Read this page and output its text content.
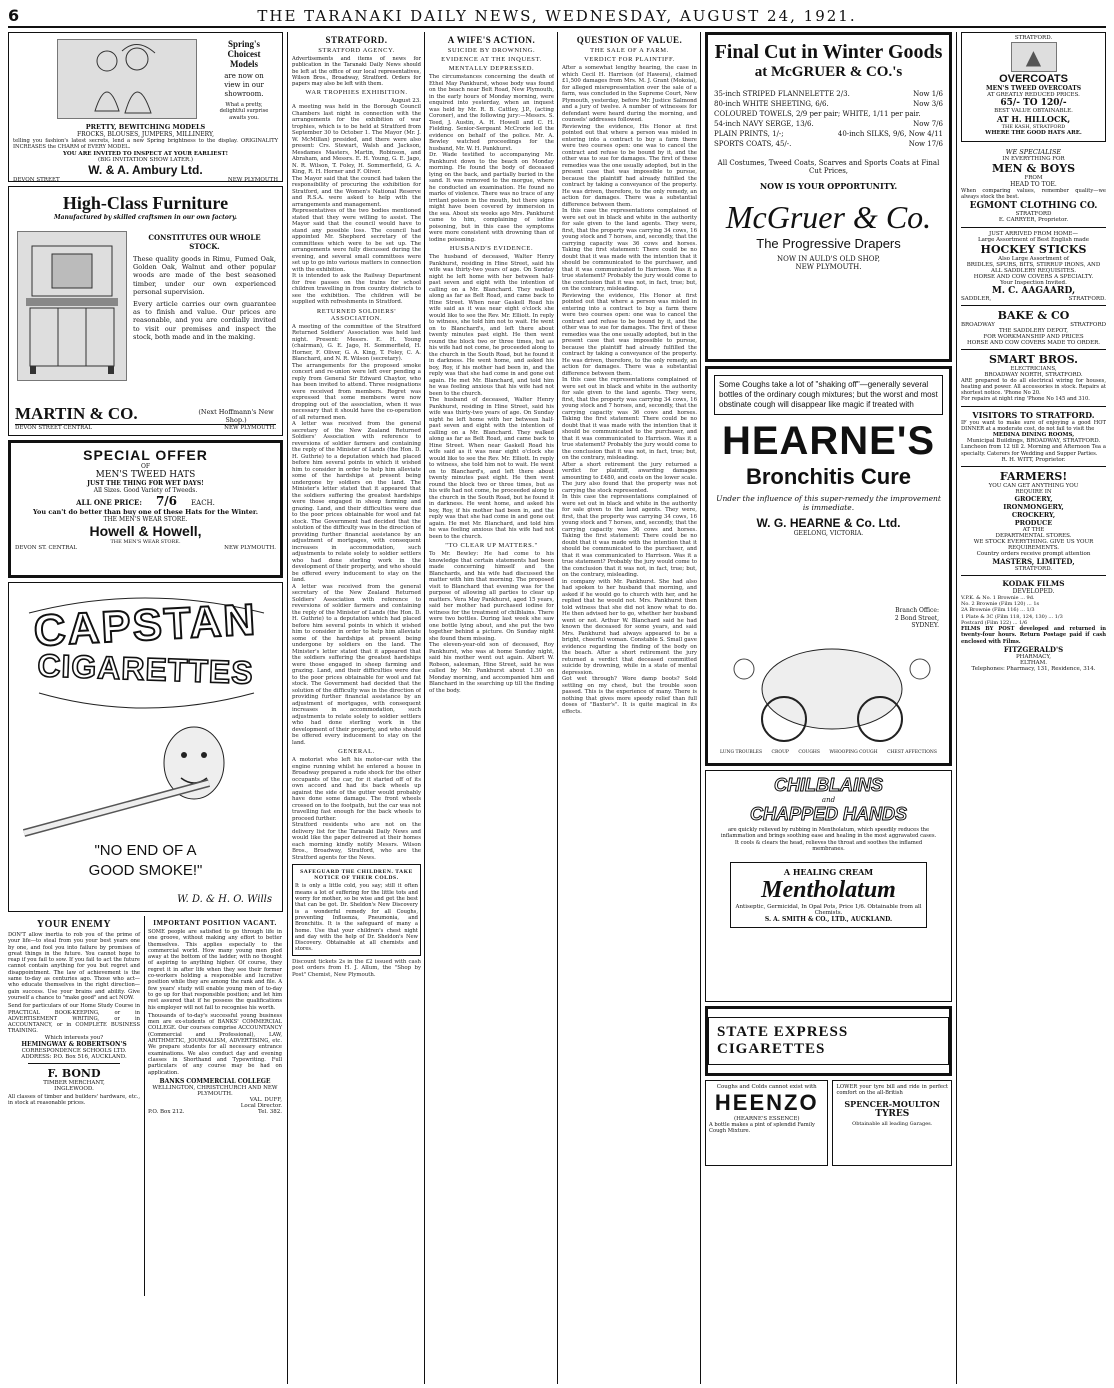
6	THE TARANAKI DAILY NEWS, WEDNESDAY, AUGUST 24, 1921.
Spring's
Choicest
Models
are now on
view in our
showroom.
What a pretty, delightful surprise awaits you.
PRETTY, BEWITCHING MODELS
FROCKS, BLOUSES, JUMPERS, MILLINERY,
telling you fashion's latest secrets, lend a new Spring brightness to the display. ORIGINALITY INCREASES the CHARM of EVERY MODEL.
YOU ARE INVITED TO INSPECT AT YOUR EARLIEST!
(BIG INVITATION SHOW LATER.)
W. & A. Ambury Ltd.
DEVON STREET	NEW PLYMOUTH
High-Class Furniture
Manufactured by skilled craftsmen in our own factory.
CONSTITUTES OUR WHOLE STOCK.
These quality goods in Rimu, Fumed Oak, Golden Oak, Walnut and other popular woods are made of the best seasoned timber, under our own experienced personal supervision.
Every article carries our own guarantee as to finish and value. Our prices are reasonable, and you are cordially invited to visit our premises and inspect the stock, both made and in the making.
MARTIN & CO.	(Next Hoffmann's New Shop.)
DEVON STREET CENTRAL	NEW PLYMOUTH.
SPECIAL OFFER
OF
MEN'S TWEED HATS
JUST THE THING FOR WET DAYS!
All Sizes. Good Variety of Tweeds.
ALL ONE PRICE: 7/6 EACH.
You can't do better than buy one of these Hats for the Winter.
THE MEN'S WEAR STORE.
Howell & Howell,
THE MEN'S WEAR STORE.
DEVON ST. CENTRAL	NEW PLYMOUTH.
CAPSTAN
CIGARETTES
"NO END OF A
GOOD SMOKE!"
W. D. & H. O. Wills
YOUR ENEMY
DON'T allow inertia to rob you of the prime of your life—to steal from you your best years one by one, and fool you into failure by promises of great things in the future. You cannot hope to reap if you fail to sow. If you fail to act the future cannot contain anything for you but regret and disappointment. The law of achievement is the same to-day as centuries ago. Those who act—who educate themselves in the right direction—gain success. Use your brains and ability. Give yourself a chance to "make good" and act NOW.
Send for particulars of our Home Study Course in PRACTICAL BOOK-KEEPING, or in ADVERTISEMENT WRITING, or in ACCOUNTANCY, or in COMPLETE BUSINESS TRAINING.
Which interests you?
HEMINGWAY & ROBERTSON'S
CORRESPONDENCE SCHOOLS LTD.
ADDRESS: P.O. Box 516, AUCKLAND.
F. BOND
TIMBER MERCHANT,
INGLEWOOD.
All classes of timber and builders' hardware, etc., in stock at reasonable prices.
IMPORTANT POSITION VACANT.
SOME people are satisfied to go through life in one groove, without making any effort to better themselves. This applies especially to the commercial world. How many young men plod away at the bottom of the ladder, with no thought of aspiring to anything higher. Of course, they regret it in after life when they see their former co-workers holding a responsible and lucrative position while they are among the rank and file. A few years' study will enable young men of to-day to go up for that responsible position; and let him rest assured that if he possess the qualifications his employer will not fail to recognise his worth.
Thousands of to-day's successful young business men are ex-students of BANKS' COMMERCIAL COLLEGE. Our courses comprise ACCOUNTANCY (Commercial and Professional), LAW, ARITHMETIC, JOURNALISM, ADVERTISING, etc. We prepare students for all necessary entrance examinations. We also conduct day and evening classes in Shorthand and Typewriting. Full particulars of any course may be had on application.
BANKS COMMERCIAL COLLEGE
WELLINGTON, CHRISTCHURCH AND NEW PLYMOUTH.
VAL. DUFF,
Local Director.
P.O. Box 212.	Tel. 382.
STRATFORD.
STRATFORD AGENCY.
Advertisements and items of news for publication in the Taranaki Daily News should be left at the office of our local representatives, Wilson Bros., Broadway, Stratford. Orders for papers may also be left with them.
WAR TROPHIES EXHIBITION.
August 23.
A meeting was held in the Borough Council Chambers last night in connection with the arrangements for the exhibition of war trophies, which is to be held at Stratford from September 30 to October 1. The Mayor (Mr. J. W. McMillan) presided, and there were also present: Crs. Stewart, Walsh and Jackson, Mesdames Masters, Martin, Robinson, and Abraham, and Messrs. E. H. Young, G. E. Jago, N. R. Wilson, T. Foley, H. Sommerfield, G. A. King, R. H. Horner and F. Oliver.
The Mayor said that the council had taken the responsibility of procuring the exhibition for Stratford, and the Women's National Reserve and R.S.A. were asked to help with the arrangements and management.
Representatives of the two bodies mentioned stated that they were willing to assist. The Mayor said that the council would have to stand any possible loss. The council had appointed Mr. Shepherd secretary of the committees which were to be set up. The arrangements were fully discussed during the evening, and several small committees were set up to go into various matters in connection with the exhibition.
It is intended to ask the Railway Department for free passes on the trains for school children travelling in from country districts to see the exhibition. The children will be supplied with refreshments in Stratford.
RETURNED SOLDIERS' ASSOCIATION.
A meeting of the committee of the Stratford Returned Soldiers' Association was held last night. Present: Messrs. E. H. Young (chairman), G. E. Jago, H. Sommerfield, H. Horner, F. Oliver, G. A. King, T. Foley, C. A. Blanchard, and N. R. Wilson (secretary).
The arrangements for the proposed smoke concert and re-union were left over pending a reply from General Sir Edward Chaytor, who has been invited to attend. Three resignations were received from members. Regret was expressed that some members were now dropping out of the association, when it was necessary that it should have the co-operation of all returned men.
A letter was received from the general secretary of the New Zealand Returned Soldiers' Association with reference to reversions of soldier farmers and containing the reply of the Minister of Lands (the Hon. D. H. Guthrie) to a deputation which had placed before him several points in which it wished him to consider in order to help him alleviate some of the hardships at present being undergone by soldiers on the land. The Minister's letter stated that it appeared that the soldiers suffering the greatest hardships were those engaged in sheep farming and grazing. Land, and their difficulties were due to the poor prices obtainable for wool and fat stock. The Government had decided that the solution of the difficulty was in the direction of providing further financial assistance by an adjustment of mortgages, with consequent increases in accommodation, such adjustments to relate solely to soldier settlers who had done sterling work in the development of their property, and who should be offered every inducement to stay on the land.
A letter was received from the general secretary of the New Zealand Returned Soldiers' Association with reference to reversions of soldier farmers and containing the reply of the Minister of Lands (the Hon. D. H. Guthrie) to a deputation which had placed before him several points in which it wished him to consider in order to help him alleviate some of the hardships at present being undergone by soldiers on the land. The Minister's letter stated that it appeared that the soldiers suffering the greatest hardships were those engaged in sheep farming and grazing. Land, and their difficulties were due to the poor prices obtainable for wool and fat stock. The Government had decided that the solution of the difficulty was in the direction of providing further financial assistance by an adjustment of mortgages, with consequent increases in accommodation, such adjustments to relate solely to soldier settlers who had done sterling work in the development of their property, and who should be offered every inducement to stay on the land.
GENERAL.
A motorist who left his motor-car with the engine running whilst he entered a house in Broadway prepared a rude shock for the other occupants of the car, for it started off of its own accord and had its back wheels up against the side of the gutter would probably have done some damage. The front wheels crossed on to the footpath, but the car was not travelling fast enough for the back wheels to proceed further.
Stratford residents who are not on the delivery list for the Taranaki Daily News and would like the paper delivered at their homes each morning kindly notify Messrs. Wilson Bros., Broadway, Stratford, who are the Stratford agents for the News.
SAFEGUARD THE CHILDREN. TAKE NOTICE OF THEIR COLDS.
It is only a little cold, you say; still it often means a lot of suffering for the little tots and worry for mother, so be wise and get the best that can be got. Dr. Sheldon's New Discovery is a wonderful remedy for all Coughs, preventing Influenza, Pneumonia, and Bronchitis. It is the safeguard of many a home. Use that your children's chest night and day with the help of Dr. Sheldon's New Discovery. Obtainable at all chemists and stores.
Discount tickets 2s in the £2 issued with cash post orders from H. J. Allum, the "Shop by Post" Chemist, New Plymouth.
A WIFE'S ACTION.
SUICIDE BY DROWNING.
EVIDENCE AT THE INQUEST.
MENTALLY DEPRESSED.
The circumstances concerning the death of Ethel May Pankhurst, whose body was found on the beach near Belt Road, New Plymouth, in the early hours of Monday morning, were enquired into yesterday, when an inquest was held by Mr. R. B. Cattley, J.P., (acting Coroner), and the following jury:—Messrs. S. Teed, J. Austin, A. H. Howell and C. H. Fielding. Senior-Sergeant McCrorie led the evidence on behalf of the police. Mr. A. Bewley watched proceedings for the husband, Mr. W. H. Pankhurst.
Dr. Wade testified to accompanying Mr. Pankhurst down to the beach on Monday morning. He found the body of deceased lying on the back, and partially buried in the sand. It was removed to the morgue, where he conducted an examination. He found no marks of violence. There was no trace of any irritant poison in the mouth, but there signs might have been covered by immersion in the sea. About six weeks ago Mrs. Pankhurst came to him, complaining of iodine poisoning, but in this case the symptoms were more consistent with drowning than of iodine poisoning.
HUSBAND'S EVIDENCE.
The husband of deceased, Walter Henry Pankhurst, residing in Hine Street, said his wife was thirty-two years of age. On Sunday night he left home with her between half-past seven and eight with the intention of calling on a Mr. Blanchard. They walked along as far as Belt Road, and came back to Hine Street. When near Gaskell Road his wife said as it was near eight o'clock she would like to see the Rev. Mr. Elliott. In reply to witness, she told him not to wait. He went on to Blanchard's, and left there about twenty minutes past eight. He then went round the block two or three times, but as his wife had not come, he proceeded along to the church in the South Road, but he found it in darkness. He went home, and asked his boy, Roy, if his mother had been in, and the reply was that she had come in and gone out again. He met Mr. Blanchard, and told him he was feeling anxious that his wife had not been to the church.
The husband of deceased, Walter Henry Pankhurst, residing in Hine Street, said his wife was thirty-two years of age. On Sunday night he left home with her between half-past seven and eight with the intention of calling on a Mr. Blanchard. They walked along as far as Belt Road, and came back to Hine Street. When near Gaskell Road his wife said as it was near eight o'clock she would like to see the Rev. Mr. Elliott. In reply to witness, she told him not to wait. He went on to Blanchard's, and left there about twenty minutes past eight. He then went round the block two or three times, but as his wife had not come, he proceeded along to the church in the South Road, but he found it in darkness. He went home, and asked his boy, Roy, if his mother had been in, and the reply was that she had come in and gone out again. He met Mr. Blanchard, and told him he was feeling anxious that his wife had not been to the church.
"TO CLEAR UP MATTERS."
To Mr. Bewley: He had come to his knowledge that certain statements had been made concerning himself and the Blanchards, and his wife had discussed the matter with him that morning. The proposed visit to Blanchard that evening was for the purpose of allowing all parties to clear up matters. Vera May Pankhurst, aged 15 years, said her mother had purchased iodine for witness for the treatment of chilblains. There were two bottles. During last week she saw one bottle lying about, and she put the two together behind a picture. On Sunday night she found them missing.
The eleven-year-old son of deceased, Roy Pankhurst, who was at home Sunday night, said his mother went out again. Albert W. Robson, salesman, Hine Street, said he was called by Mr. Pankhurst about 1.30 on Monday morning, and accompanied him and Blanchard in the searching up till the finding of the body.
QUESTION OF VALUE.
THE SALE OF A FARM.
VERDICT FOR PLAINTIFF.
After a somewhat lengthy hearing, the case in which Cecil H. Harrison (of Hawera), claimed £1,500 damages from Mrs. M. J. Grant (Mokoia), for alleged misrepresentation over the sale of a farm, was concluded in the Supreme Court, New Plymouth, yesterday, before Mr. Justice Salmond and a jury of twelve. A number of witnesses for defendant were heard during the morning, and counsels' addresses followed.
Reviewing the evidence, His Honor at first pointed out that where a person was misled in entering into a contract to buy a farm there were two courses open: one was to cancel the contract and refuse to be bound by it, and the other was to sue for damages. The first of these remedies was the one usually adopted, but in the present case that was impossible to pursue, because the plaintiff had already fulfilled the contract by taking a conveyance of the property. He was driven, therefore, to the only remedy, an action for damages. There was a substantial difference between them.
In this case the representations complained of were set out in black and white in the authority for sale given to the land agents. They were, first, that the property was carrying 34 cows, 16 young stock and 7 horses, and, secondly, that the carrying capacity was 36 cows and horses. Taking the first statement: There could be no doubt that it was made with the intention that it should be communicated to the purchaser, and that it was communicated to Harrison. Was it a true statement? Probably the jury would come to the conclusion that it was not, in fact, true; but, on the contrary, misleading.
Reviewing the evidence, His Honor at first pointed out that where a person was misled in entering into a contract to buy a farm there were two courses open: one was to cancel the contract and refuse to be bound by it, and the other was to sue for damages. The first of these remedies was the one usually adopted, but in the present case that was impossible to pursue, because the plaintiff had already fulfilled the contract by taking a conveyance of the property. He was driven, therefore, to the only remedy, an action for damages. There was a substantial difference between them.
In this case the representations complained of were set out in black and white in the authority for sale given to the land agents. They were, first, that the property was carrying 34 cows, 16 young stock and 7 horses, and, secondly, that the carrying capacity was 36 cows and horses. Taking the first statement: There could be no doubt that it was made with the intention that it should be communicated to the purchaser, and that it was communicated to Harrison. Was it a true statement? Probably the jury would come to the conclusion that it was not, in fact, true; but, on the contrary, misleading.
After a short retirement the jury returned a verdict for plaintiff, awarding damages amounting to £480, and costs on the lower scale. The jury also found that the property was not carrying the stock represented.
In this case the representations complained of were set out in black and white in the authority for sale given to the land agents. They were, first, that the property was carrying 34 cows, 16 young stock and 7 horses, and, secondly, that the carrying capacity was 36 cows and horses. Taking the first statement: There could be no doubt that it was made with the intention that it should be communicated to the purchaser, and that it was communicated to Harrison. Was it a true statement? Probably the jury would come to the conclusion that it was not, in fact, true; but, on the contrary, misleading.
in company with Mr. Pankhurst. She had also had spoken to her husband that morning, and asked if he would go to church with her, and he replied that he would not. Mrs. Pankhurst then told witness that she did not know what to do. He then advised her to go, whether her husband went or not. Arthur W. Blanchard said he had known the deceased for some years, and said Mrs. Pankhurst had always appeared to be a bright, cheerful woman. Constable S. Small gave evidence regarding the finding of the body on the beach. After a short retirement the jury returned a verdict that deceased committed suicide by drowning, while in a state of mental depression.
Got wet through? Wore damp boots? Sold settling on my chest, but the trouble soon passed. This is the experience of many. There is nothing that gives more speedy relief than full doses of "Baxter's". It is quite magical in its effects.
Final Cut in Winter Goods
at McGRUER & CO.'s
35-inch STRIPED FLANNELETTE 2/3.	Now 1/6
80-inch WHITE SHEETING, 6/6.	Now 3/6
COLOURED TOWELS, 2/9 per pair; WHITE, 1/11 per pair.
54-inch NAVY SERGE, 13/6.	Now 7/6
PLAIN PRINTS, 1/-;	40-inch SILKS, 9/6, Now 4/11
SPORTS COATS, 45/-.	Now 17/6
All Costumes, Tweed Coats, Scarves and Sports Coats at Final Cut Prices,
NOW IS YOUR OPPORTUNITY.
McGruer & Co.
The Progressive Drapers
NOW IN AULD'S OLD SHOP,
NEW PLYMOUTH.
Some Coughs take a lot of "shaking off"—generally several bottles of the ordinary cough mixtures; but the worst and most obstinate cough will disappear like magic if treated with
HEARNE'S
Bronchitis Cure
Under the influence of this super-remedy the improvement is immediate.
W. G. HEARNE & Co. Ltd.
GEELONG, VICTORIA.
Branch Office:
2 Bond Street,
SYDNEY.
LUNG TROUBLES CROUP COUGHS WHOOPING COUGH CHEST AFFECTIONS
CHILBLAINS
and
CHAPPED HANDS
are quickly relieved by rubbing in Mentholatum, which speedily reduces the inflammation and brings soothing ease and healing in the most aggravated cases. It cools & clears the head, relieves the throat and soothes the inflamed membranes.
A HEALING CREAM
Mentholatum
Antiseptic, Germicidal, In Opal Pots, Price 1/6. Obtainable from all Chemists.
S. A. SMITH & CO., LTD., AUCKLAND.
STATE EXPRESS CIGARETTES
Coughs and Colds cannot exist with
HEENZO
(HEARNE'S ESSENCE)
A bottle makes a pint of splendid Family Cough Mixture.
LOWER your tyre bill and ride in perfect comfort on the all-British
SPENCER-MOULTON
TYRES
Obtainable all leading Garages.
STRATFORD.
▲
OVERCOATS
MEN'S TWEED OVERCOATS
AT GREATLY REDUCED PRICES.
65/- TO 120/-
BEST VALUE OBTAINABLE.
AT H. HILLOCK,
THE KASH, STRATFORD
WHERE THE GOOD HATS ARE.
WE SPECIALISE
IN EVERYTHING FOR
MEN & BOYS
FROM
HEAD TO TOE.
When comparing values, remember quality—we always stock the best.
EGMONT CLOTHING CO.
STRATFORD
E. CARRYER, Proprietor.
JUST ARRIVED FROM HOME—
Large Assortment of Best English made
HOCKEY STICKS
Also Large Assortment of
BRIDLES, SPURS, BITS, STIRRUP IRONS, AND ALL SADDLERY REQUISITES.
HORSE AND COW COVERS A SPECIALTY.
Your Inspection Invited.
M. C. AAGAARD,
SADDLER,	STRATFORD.
BAKE & CO
BROADWAY	STRATFORD
THE SADDLERY DEPOT,
FOR WORKMANSHIP AND PRICES
HORSE AND COW COVERS MADE TO ORDER.
SMART BROS.
ELECTRICIANS,
BROADWAY NORTH, STRATFORD.
ARE prepared to do all electrical wiring for houses, heating and power. All accessories in stock. Repairs at shortest notice. 'Phone No 20.
For repairs at night ring 'Phone No 145 and 310.
VISITORS TO STRATFORD.
IF you want to make sure of enjoying a good HOT DINNER at a moderate cost, do not fail to visit the
MEDINA DINING ROOMS,
Municipal Buildings, BROADWAY, STRATFORD.
Luncheon from 12 till 2. Morning and Afternoon Tea a specialty. Caterers for Wedding and Supper Parties.
R. H. WITT, Proprietor.
FARMERS!
YOU CAN GET ANYTHING YOU
REQUIRE IN
GROCERY,
IRONMONGERY,
CROCKERY,
PRODUCE
AT THE
DEPARTMENTAL STORES.
WE STOCK EVERYTHING. GIVE US YOUR REQUIREMENTS.
Country orders receive prompt attention
MASTERS, LIMITED,
STRATFORD.
KODAK FILMS
DEVELOPED.
V.P.K. & No. 1 Brownie ... 9d.
No. 2 Brownie (Film 120) ... 1s
2A Brownie (Film 116) ... 1/3
1 Plate & 3C (Film 118, 124, 130) ... 1/3
Postcard (Film 122) ... 1/6
FILMS BY POST developed and returned in twenty-four hours. Return Postage paid if cash enclosed with Films.
FITZGERALD'S
PHARMACY,
ELTHAM.
Telephones: Pharmacy, 131, Residence, 314.
